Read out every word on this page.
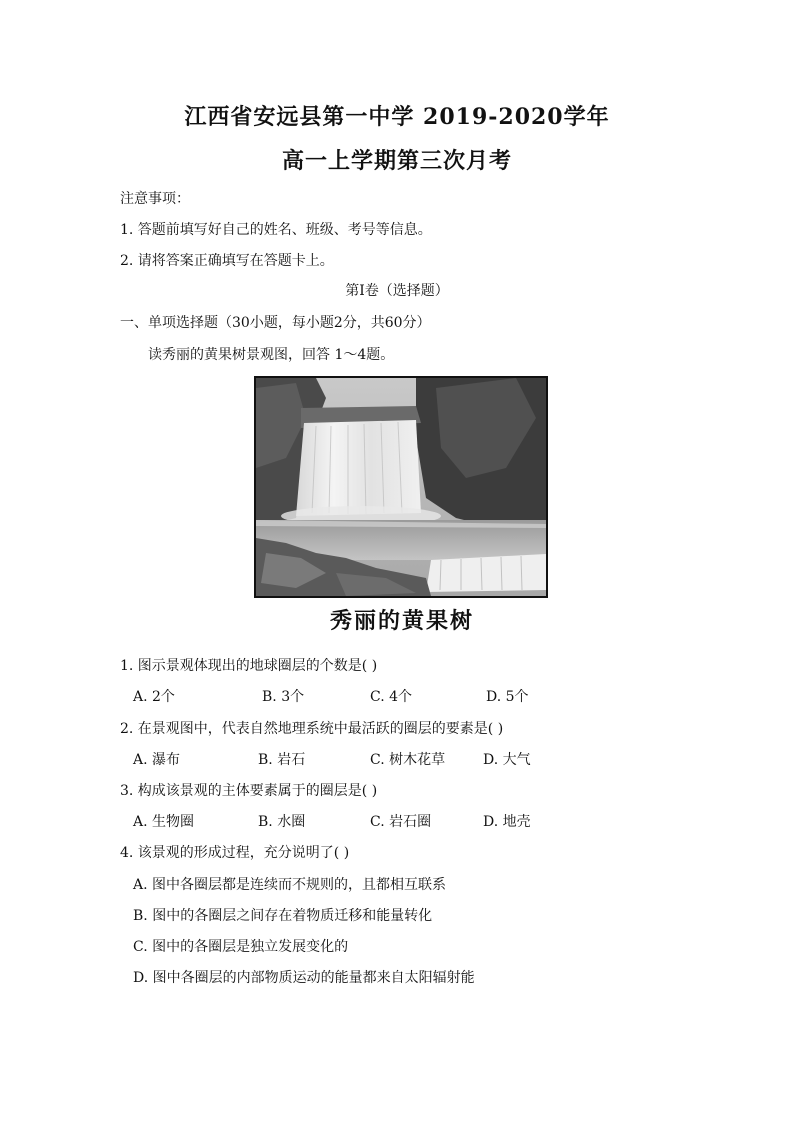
江西省安远县第一中学 2019-2020学年
高一上学期第三次月考
注意事项：
1. 答题前填写好自己的姓名、班级、考号等信息。
2. 请将答案正确填写在答题卡上。
第I卷（选择题）
一、单项选择题（30小题，每小题2分，共60分）
读秀丽的黄果树景观图，回答 1～4题。
秀丽的黄果树
1. 图示景观体现出的地球圈层的个数是( )
A. 2个	B. 3个	C. 4个	D. 5个
2. 在景观图中，代表自然地理系统中最活跃的圈层的要素是( )
A. 瀑布	B. 岩石	C. 树木花草	D. 大气
3. 构成该景观的主体要素属于的圈层是( )
A. 生物圈	B. 水圈	C. 岩石圈	D. 地壳
4. 该景观的形成过程，充分说明了( )
A. 图中各圈层都是连续而不规则的，且都相互联系
B. 图中的各圈层之间存在着物质迁移和能量转化
C. 图中的各圈层是独立发展变化的
D. 图中各圈层的内部物质运动的能量都来自太阳辐射能
